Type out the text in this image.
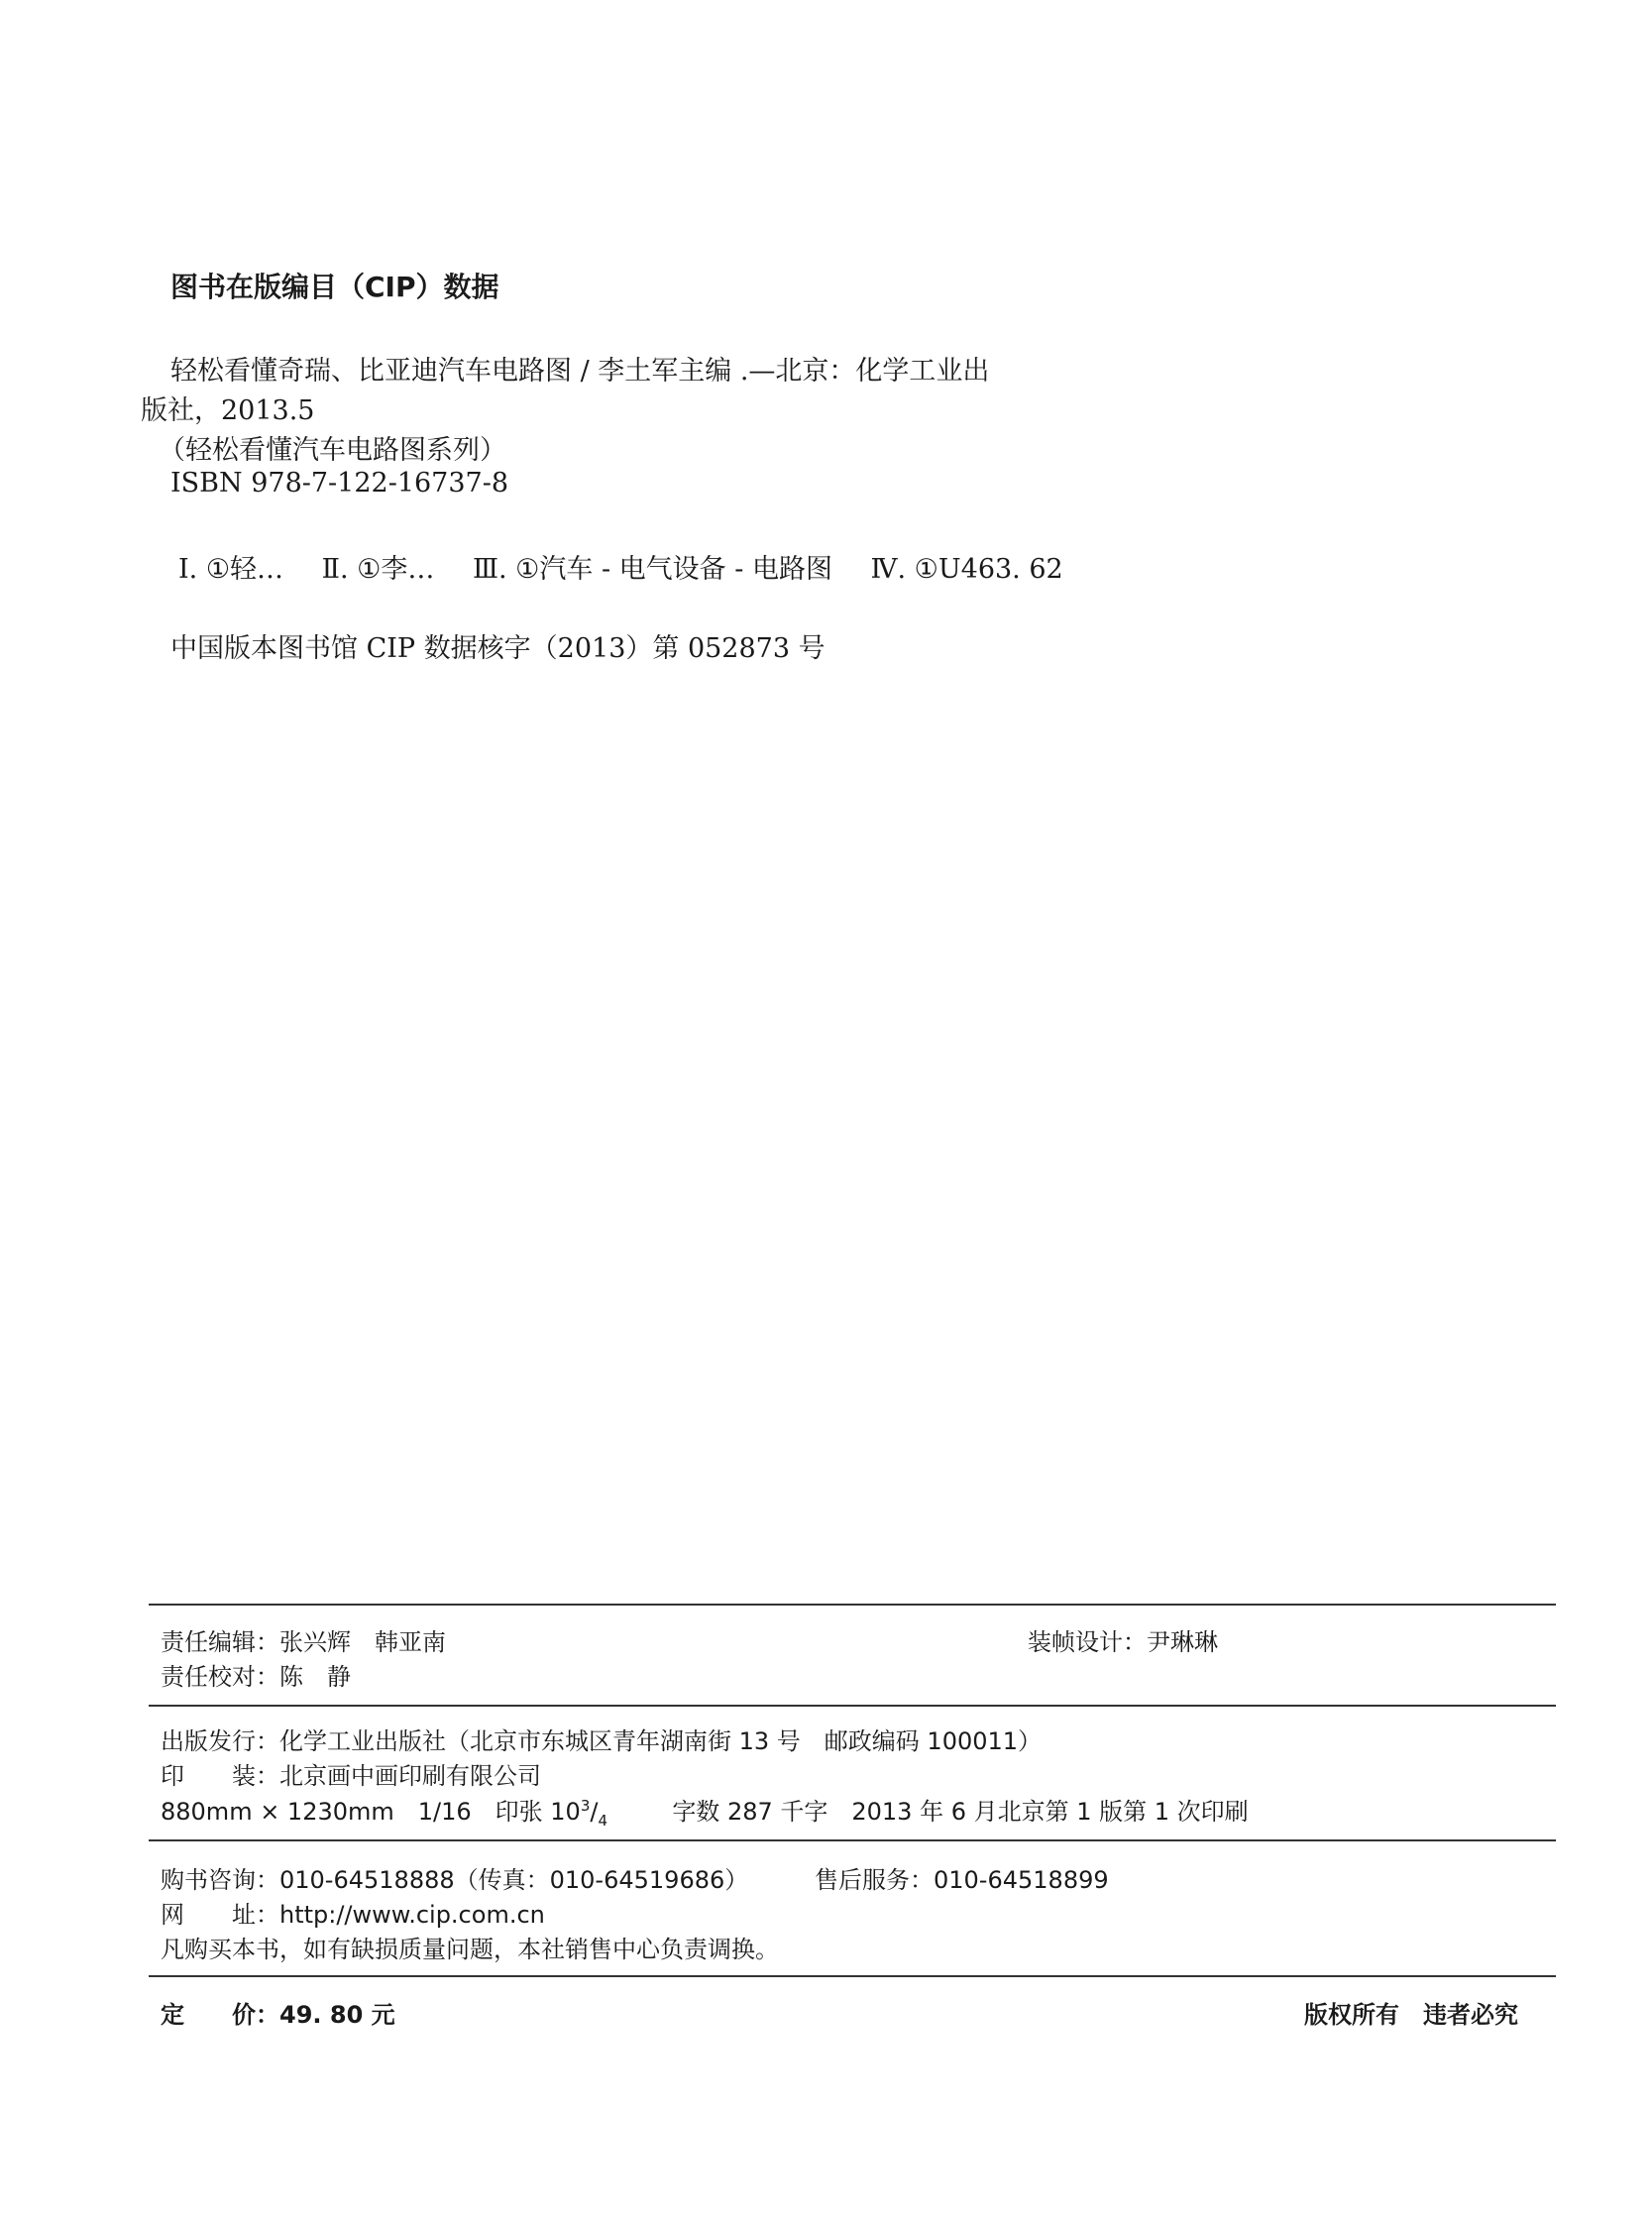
图书在版编目（CIP）数据
轻松看懂奇瑞、比亚迪汽车电路图 / 李土军主编 .—北京：化学工业出
版社，2013.5
（轻松看懂汽车电路图系列）
ISBN 978-7-122-16737-8
Ⅰ. ①轻… Ⅱ. ①李… Ⅲ. ①汽车 - 电气设备 - 电路图 Ⅳ. ①U463. 62
中国版本图书馆 CIP 数据核字（2013）第 052873 号
责任编辑：张兴辉　韩亚南	装帧设计：尹琳琳
责任校对：陈　静
出版发行：化学工业出版社（北京市东城区青年湖南街 13 号　邮政编码 100011）
印　　装：北京画中画印刷有限公司
880mm × 1230mm　1/16　印张 $10^3/_4$	字数 287 千字　2013 年 6 月北京第 1 版第 1 次印刷
购书咨询：010-64518888（传真：010-64519686）	售后服务：010-64518899
网　　址：http://www.cip.com.cn
凡购买本书，如有缺损质量问题，本社销售中心负责调换。
定　　价：49. 80 元	版权所有　违者必究
